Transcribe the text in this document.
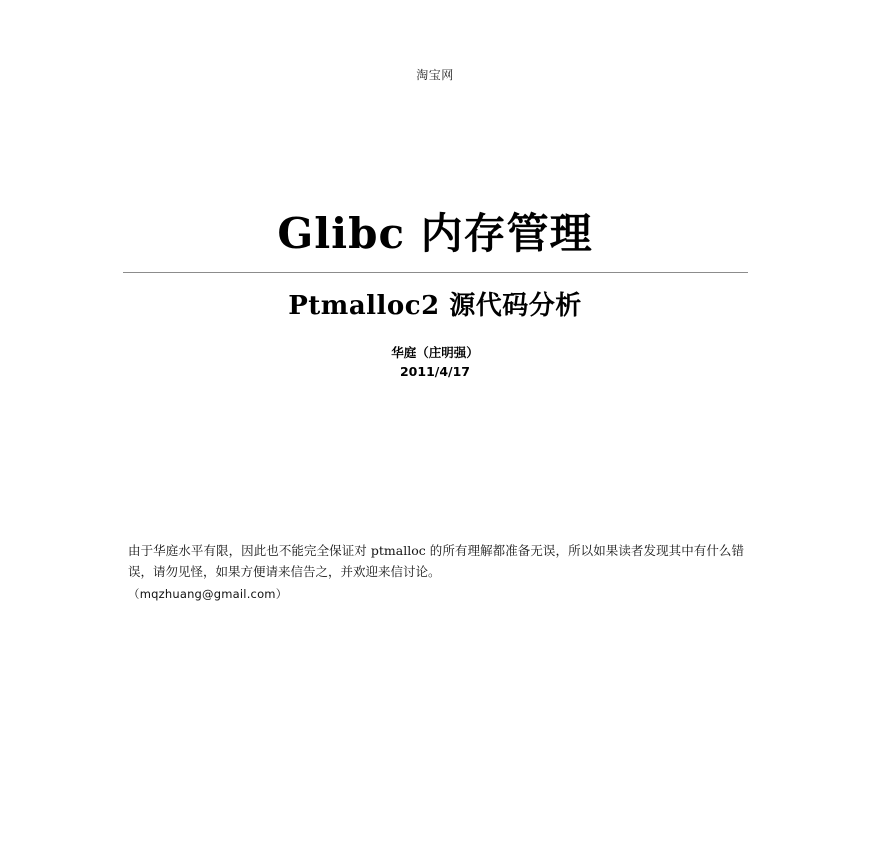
淘宝网
Glibc 内存管理
Ptmalloc2 源代码分析
华庭（庄明强）
2011/4/17
由于华庭水平有限，因此也不能完全保证对 ptmalloc 的所有理解都准备无误，所以如果读者发现其中有什么错误，请勿见怪，如果方便请来信告之，并欢迎来信讨论。
（mqzhuang@gmail.com）
